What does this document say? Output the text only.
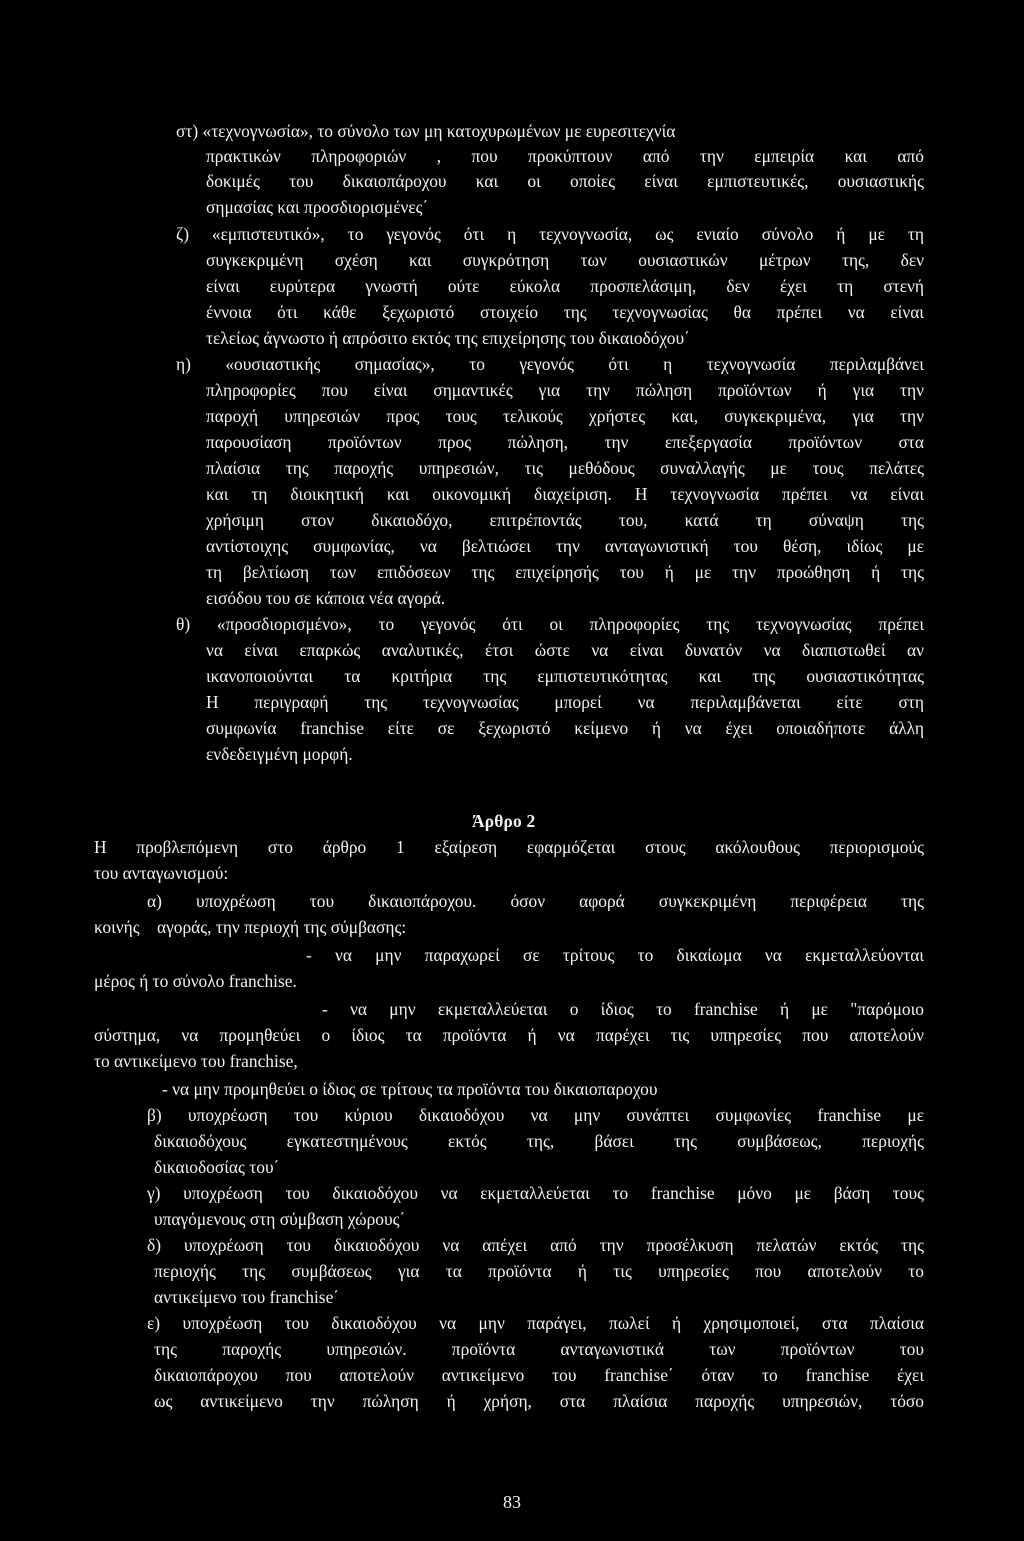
στ) «τεχνογνωσία», το σύνολο των μη κατοχυρωμένων με ευρεσιτεχνία
πρακτικών πληροφοριών , που προκύπτουν από την εμπειρία και από
δοκιμές του δικαιοπάροχου και οι οποίες είναι εμπιστευτικές, ουσιαστικής
σημασίας και προσδιορισμένες΄
ζ) «εμπιστευτικό», το γεγονός ότι η τεχνογνωσία, ως ενιαίο σύνολο ή με τη
συγκεκριμένη σχέση και συγκρότηση των ουσιαστικών μέτρων της, δεν
είναι ευρύτερα γνωστή ούτε εύκολα προσπελάσιμη, δεν έχει τη στενή
έννοια ότι κάθε ξεχωριστό στοιχείο της τεχνογνωσίας θα πρέπει να είναι
τελείως άγνωστο ή απρόσιτο εκτός της επιχείρησης του δικαιοδόχου΄
η) «ουσιαστικής σημασίας», το γεγονός ότι η τεχνογνωσία περιλαμβάνει
πληροφορίες που είναι σημαντικές για την πώληση προϊόντων ή για την
παροχή υπηρεσιών προς τους τελικούς χρήστες και, συγκεκριμένα, για την
παρουσίαση προϊόντων προς πώληση, την επεξεργασία προϊόντων στα
πλαίσια της παροχής υπηρεσιών, τις μεθόδους συναλλαγής με τους πελάτες
και τη διοικητική και οικονομική διαχείριση. Η τεχνογνωσία πρέπει να είναι
χρήσιμη στον δικαιοδόχο, επιτρέποντάς του, κατά τη σύναψη της
αντίστοιχης συμφωνίας, να βελτιώσει την ανταγωνιστική του θέση, ιδίως με
τη βελτίωση των επιδόσεων της επιχείρησής του ή με την προώθηση ή της
εισόδου του σε κάποια νέα αγορά.
θ) «προσδιορισμένο», το γεγονός ότι οι πληροφορίες της τεχνογνωσίας πρέπει
να είναι επαρκώς αναλυτικές, έτσι ώστε να είναι δυνατόν να διαπιστωθεί αν
ικανοποιούνται τα κριτήρια της εμπιστευτικότητας και της ουσιαστικότητας
Η περιγραφή της τεχνογνωσίας μπορεί να περιλαμβάνεται είτε στη
συμφωνία franchise είτε σε ξεχωριστό κείμενο ή να έχει οποιαδήποτε άλλη
ενδεδειγμένη μορφή.
Άρθρο 2
Η προβλεπόμενη στο άρθρο 1 εξαίρεση εφαρμόζεται στους ακόλουθους περιορισμούς
του ανταγωνισμού:
α) υποχρέωση του δικαιοπάροχου. όσον αφορά συγκεκριμένη περιφέρεια της
κοινής    αγοράς, την περιοχή της σύμβασης:
- να μην παραχωρεί σε τρίτους το δικαίωμα να εκμεταλλεύονται
μέρος ή το σύνολο franchise.
- να μην εκμεταλλεύεται ο ίδιος το franchise ή με "παρόμοιο
σύστημα, να προμηθεύει ο ίδιος τα προϊόντα ή να παρέχει τις υπηρεσίες που αποτελούν
το αντικείμενο του franchise,
- να μην προμηθεύει ο ίδιος σε τρίτους τα προϊόντα του δικαιοπαροχου
β) υποχρέωση του κύριου δικαιοδόχου να μην συνάπτει συμφωνίες franchise με
δικαιοδόχους εγκατεστημένους εκτός της, βάσει της συμβάσεως, περιοχής
δικαιοδοσίας του΄
γ) υποχρέωση του δικαιοδόχου να εκμεταλλεύεται το franchise μόνο με βάση τους
υπαγόμενους στη σύμβαση χώρους΄
δ) υποχρέωση του δικαιοδόχου να απέχει από την προσέλκυση πελατών εκτός της
περιοχής της συμβάσεως για τα προϊόντα ή τις υπηρεσίες που αποτελούν το
αντικείμενο του franchise΄
ε) υποχρέωση του δικαιοδόχου να μην παράγει, πωλεί ή χρησιμοποιεί, στα πλαίσια
της παροχής υπηρεσιών. προϊόντα ανταγωνιστικά των προϊόντων του
δικαιοπάροχου που αποτελούν αντικείμενο του franchise΄ όταν το franchise έχει
ως αντικείμενο την πώληση ή χρήση, στα πλαίσια παροχής υπηρεσιών, τόσο
83
